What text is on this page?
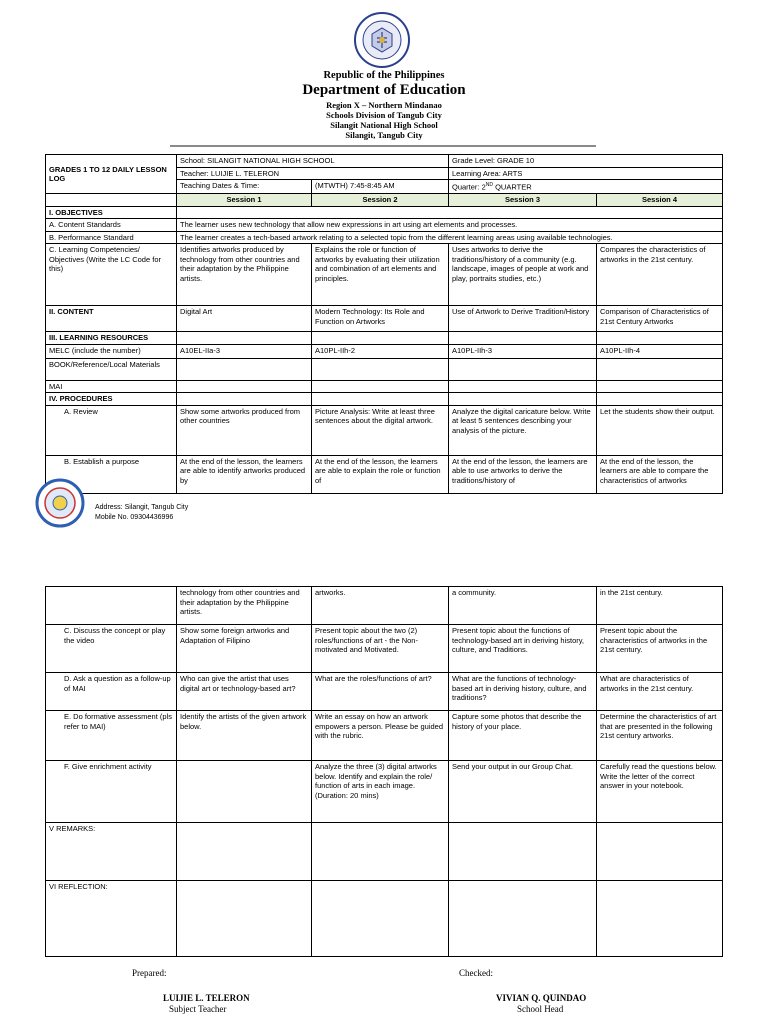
Republic of the Philippines
Department of Education
Region X – Northern Mindanao
Schools Division of Tangub City
Silangit National High School
Silangit, Tangub City
GRADES 1 TO 12 DAILY LESSON LOG	School: SILANGIT NATIONAL HIGH SCHOOL		Grade Level: GRADE 10	
	Teacher: LUIJIE L. TELERON		Learning Area: ARTS	
	Teaching Dates & Time:	(MTWTH) 7:45-8:45 AM	Quarter: 2ND QUARTER	
	Session 1	Session 2	Session 3	Session 4
I. OBJECTIVES				
A. Content Standards	The learner uses new technology that allow new expressions in art using art elements and processes.			
B. Performance Standard	The learner creates a tech-based artwork relating to a selected topic from the different learning areas using available technologies.			
C. Learning Competencies/ Objectives (Write the LC Code for this)	Identifies artworks produced by technology from other countries and their adaptation by the Philippine artists.	Explains the role or function of artworks by evaluating their utilization and combination of art elements and principles.	Uses artworks to derive the traditions/history of a community (e.g. landscape, images of people at work and play, portraits studies, etc.)	Compares the characteristics of artworks in the 21st century.
II. CONTENT	Digital Art	Modern Technology: Its Role and Function on Artworks	Use of Artwork to Derive Tradition/History	Comparison of Characteristics of 21st Century Artworks
III. LEARNING RESOURCES				
MELC (include the number)	A10EL-IIa-3	A10PL-IIh-2	A10PL-IIh-3	A10PL-IIh-4
BOOK/Reference/Local Materials				
MAI				
IV. PROCEDURES				
A. Review	Show some artworks produced from other countries	Picture Analysis: Write at least three sentences about the digital artwork.	Analyze the digital caricature below. Write at least 5 sentences describing your analysis of the picture.	Let the students show their output.
B. Establish a purpose	At the end of the lesson, the learners are able to identify artworks produced by	At the end of the lesson, the learners are able to explain the role or function of	At the end of the lesson, the learners are able to use artworks to derive the traditions/history of	At the end of the lesson, the learners are able to compare the characteristics of artworks
Address: Silangit, Tangub City
Mobile No. 09304436996
	technology from other countries and their adaptation by the Philippine artists.	artworks.	a community.	in the 21st century.
C. Discuss the concept or play the video	Show some foreign artworks and Adaptation of Filipino	Present topic about the two (2) roles/functions of art - the Non-motivated and Motivated.	Present topic about the functions of technology-based art in deriving history, culture, and Traditions.	Present topic about the characteristics of artworks in the 21st century.
D. Ask a question as a follow-up of MAI	Who can give the artist that uses digital art or technology-based art?	What are the roles/functions of art?	What are the functions of technology-based art in deriving history, culture, and traditions?	What are characteristics of artworks in the 21st century.
E. Do formative assessment (pls refer to MAI)	Identify the artists of the given artwork below.	Write an essay on how an artwork empowers a person. Please be guided with the rubric.	Capture some photos that describe the history of your place.	Determine the characteristics of art that are presented in the following 21st century artworks.
F. Give enrichment activity		Analyze the three (3) digital artworks below. Identify and explain the role/ function of arts in each image. (Duration: 20 mins)	Send your output in our Group Chat.	Carefully read the questions below. Write the letter of the correct answer in your notebook.
V REMARKS:				
VI REFLECTION:				
Prepared:	Checked:
LUIJIE L. TELERON
Subject Teacher
VIVIAN Q. QUINDAO
School Head
